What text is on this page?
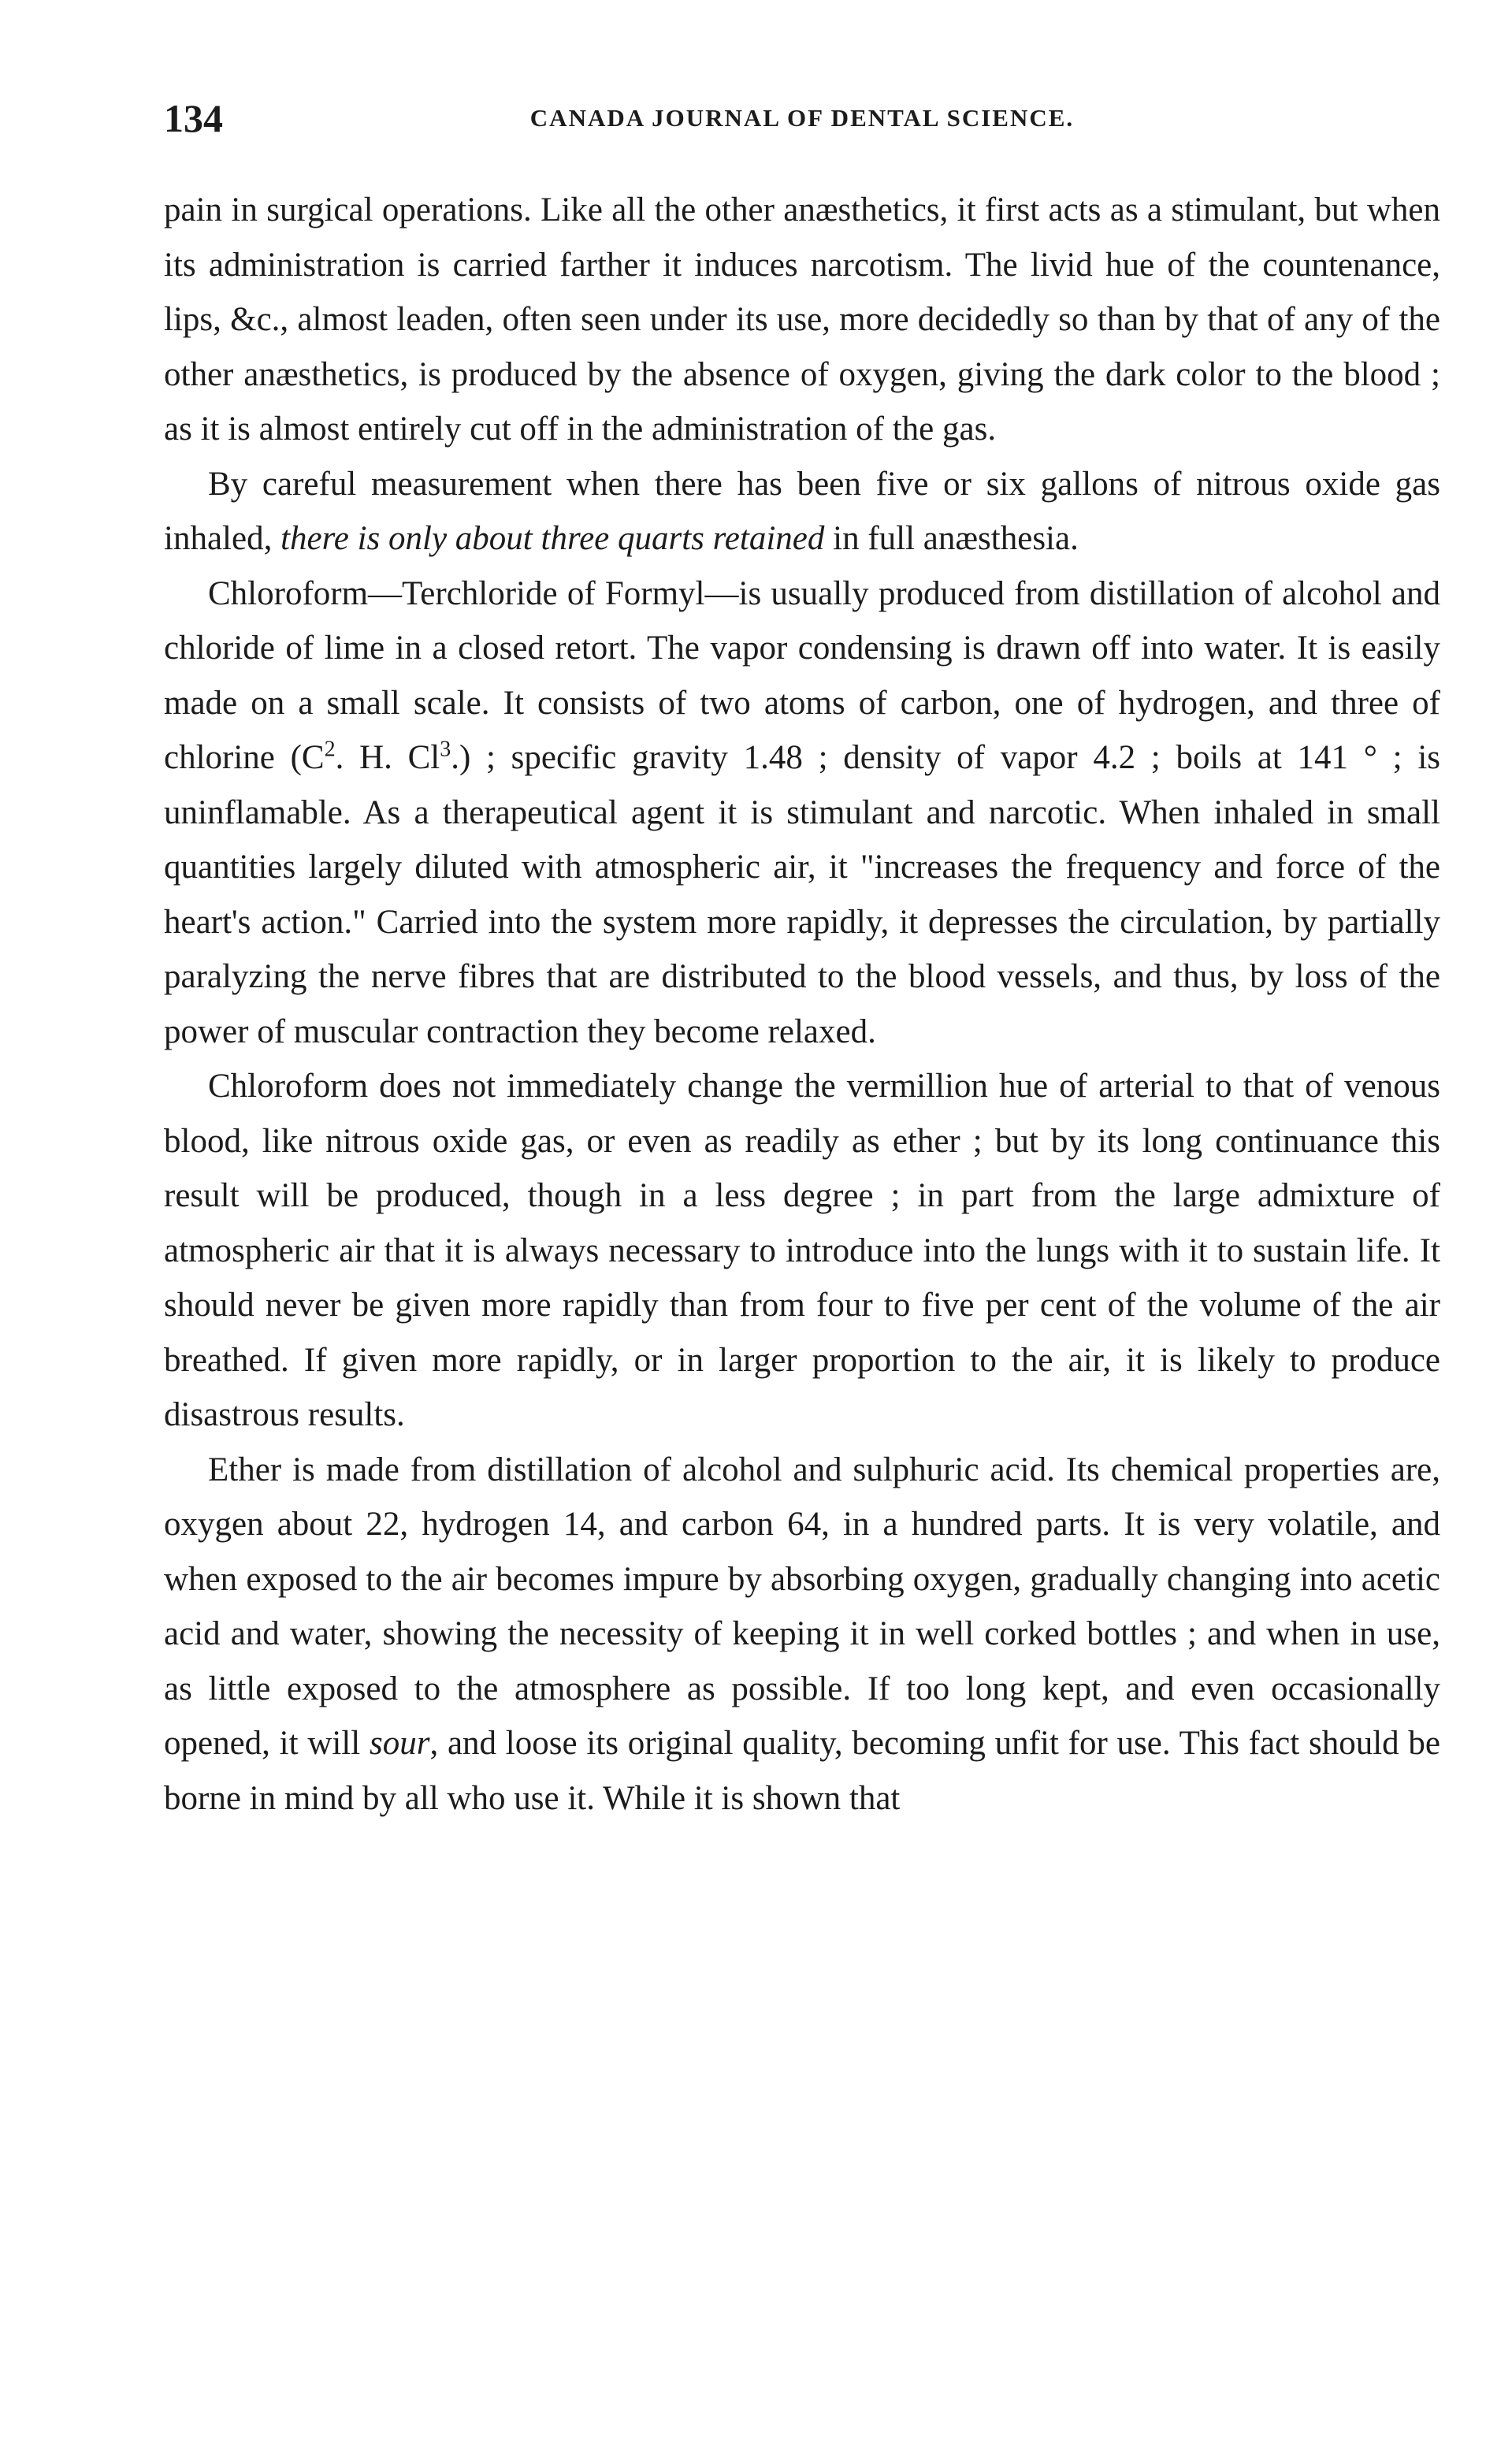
134	CANADA JOURNAL OF DENTAL SCIENCE.

pain in surgical operations. Like all the other anæsthetics, it first acts as a stimulant, but when its administration is carried farther it induces narcotism. The livid hue of the countenance, lips, &c., almost leaden, often seen under its use, more decidedly so than by that of any of the other anæsthetics, is produced by the absence of oxygen, giving the dark color to the blood ; as it is almost entirely cut off in the administration of the gas.

By careful measurement when there has been five or six gallons of nitrous oxide gas inhaled, there is only about three quarts retained in full anæsthesia.

Chloroform—Terchloride of Formyl—is usually produced from distillation of alcohol and chloride of lime in a closed retort. The vapor condensing is drawn off into water. It is easily made on a small scale. It consists of two atoms of carbon, one of hydrogen, and three of chlorine ($C^2$. H. Cl$^3$.) ; specific gravity 1.48 ; density of vapor 4.2 ; boils at 141 ° ; is uninflamable. As a therapeutical agent it is stimulant and narcotic. When inhaled in small quantities largely diluted with atmospheric air, it "increases the frequency and force of the heart's action." Carried into the system more rapidly, it depresses the circulation, by partially paralyzing the nerve fibres that are distributed to the blood vessels, and thus, by loss of the power of muscular contraction they become relaxed.

Chloroform does not immediately change the vermillion hue of arterial to that of venous blood, like nitrous oxide gas, or even as readily as ether ; but by its long continuance this result will be produced, though in a less degree ; in part from the large admixture of atmospheric air that it is always necessary to introduce into the lungs with it to sustain life. It should never be given more rapidly than from four to five per cent of the volume of the air breathed. If given more rapidly, or in larger proportion to the air, it is likely to produce disastrous results.

Ether is made from distillation of alcohol and sulphuric acid. Its chemical properties are, oxygen about 22, hydrogen 14, and carbon 64, in a hundred parts. It is very volatile, and when exposed to the air becomes impure by absorbing oxygen, gradually changing into acetic acid and water, showing the necessity of keeping it in well corked bottles ; and when in use, as little exposed to the atmosphere as possible. If too long kept, and even occasionally opened, it will sour, and loose its original quality, becoming unfit for use. This fact should be borne in mind by all who use it. While it is shown that
